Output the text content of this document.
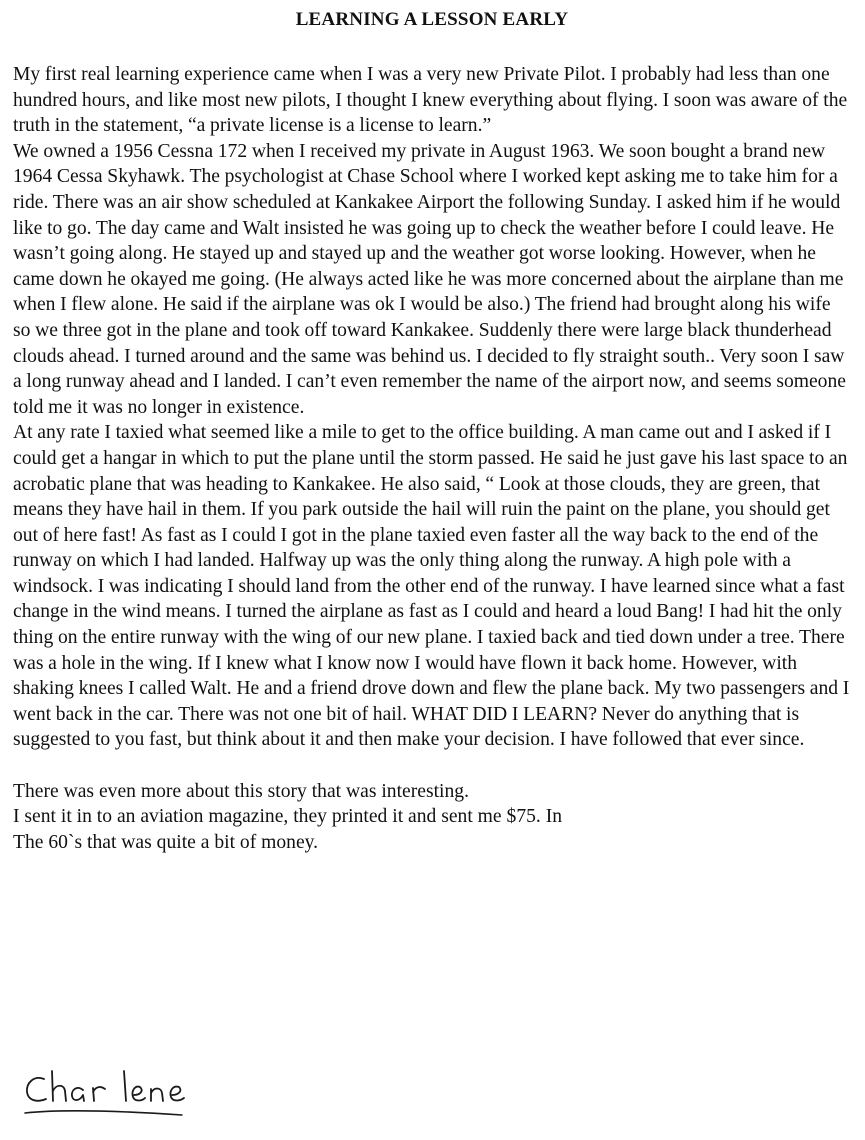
LEARNING A LESSON EARLY

My first real learning experience came when I was a very new Private Pilot. I probably had less than one hundred hours, and like most new pilots, I thought I knew everything about flying. I soon was aware of the truth in the statement, “a private license is a license to learn.”

We owned a 1956 Cessna 172 when I received my private in August 1963. We soon bought a brand new 1964 Cessa Skyhawk. The psychologist at Chase School where I worked kept asking me to take him for a ride. There was an air show scheduled at Kankakee Airport the following Sunday. I asked him if he would like to go. The day came and Walt insisted he was going up to check the weather before I could leave. He wasn’t going along. He stayed up and stayed up and the weather got worse looking. However, when he came down he okayed me going. (He always acted like he was more concerned about the airplane than me when I flew alone. He said if the airplane was ok I would be also.) The friend had brought along his wife so we three got in the plane and took off toward Kankakee. Suddenly there were large black thunderhead clouds ahead. I turned around and the same was behind us. I decided to fly straight south.. Very soon I saw a long runway ahead and I landed. I can’t even remember the name of the airport now, and seems someone told me it was no longer in existence.

At any rate I taxied what seemed like a mile to get to the office building. A man came out and I asked if I could get a hangar in which to put the plane until the storm passed. He said he just gave his last space to an acrobatic plane that was heading to Kankakee. He also said, “ Look at those clouds, they are green, that means they have hail in them. If you park outside the hail will ruin the paint on the plane, you should get out of here fast! As fast as I could I got in the plane taxied even faster all the way back to the end of the runway on which I had landed. Halfway up was the only thing along the runway. A high pole with a windsock. I was indicating I should land from the other end of the runway. I have learned since what a fast change in the wind means. I turned the airplane as fast as I could and heard a loud Bang! I had hit the only thing on the entire runway with the wing of our new plane. I taxied back and tied down under a tree. There was a hole in the wing. If I knew what I know now I would have flown it back home. However, with shaking knees I called Walt. He and a friend drove down and flew the plane back. My two passengers and I went back in the car. There was not one bit of hail. WHAT DID I LEARN? Never do anything that is suggested to you fast, but think about it and then make your decision. I have followed that ever since.

There was even more about this story that was interesting.
I sent it in to an aviation magazine, they printed it and sent me $75. In
The 60`s that was quite a bit of money.
